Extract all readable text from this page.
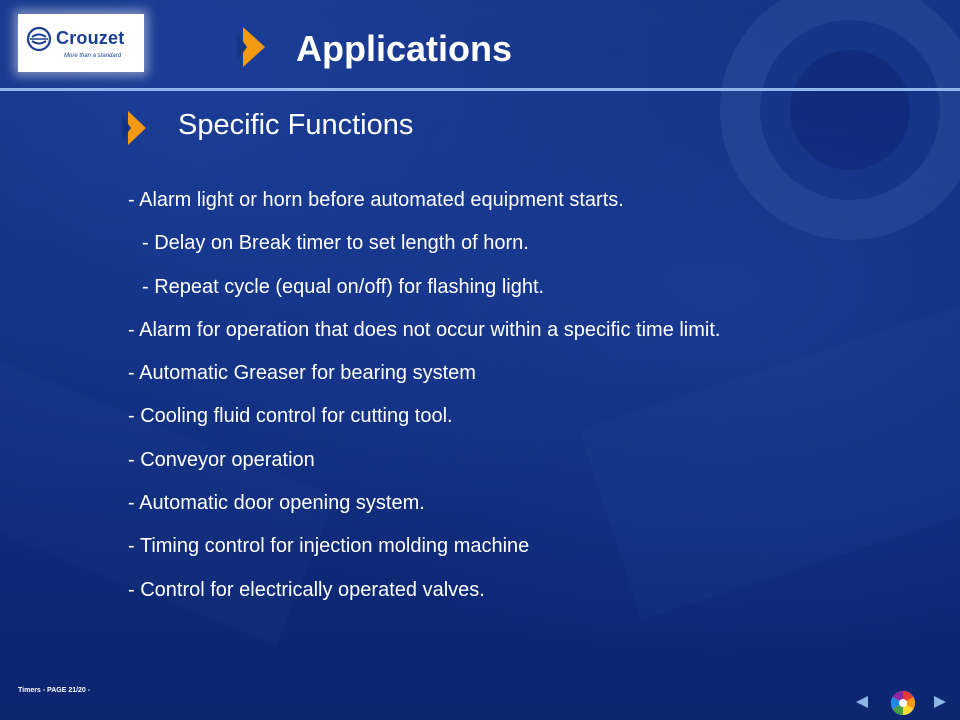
Crouzet
More than a standard	Applications
Specific Functions
- Alarm light or horn before automated equipment starts.
- Delay on Break timer to set length of horn.
- Repeat cycle (equal on/off) for flashing light.
- Alarm for operation that does not occur within a specific time limit.
- Automatic Greaser for bearing system
- Cooling fluid control for cutting tool.
- Conveyor operation
- Automatic door opening system.
- Timing control for injection molding machine
- Control for electrically operated valves.
Timers - PAGE 21/20 -
